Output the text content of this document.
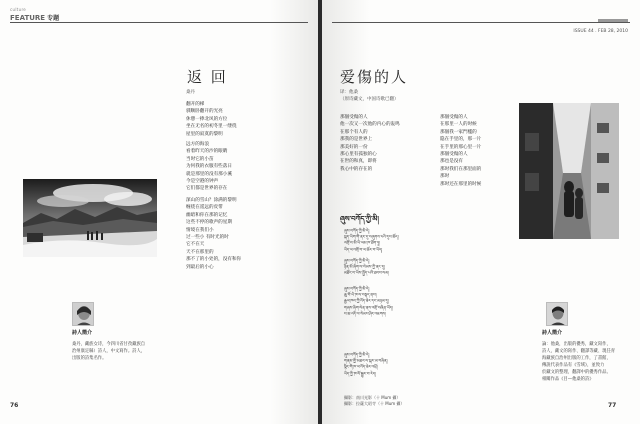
culture
FEATURE 专题
返 回
桑丹
翻开的梯
驯顺卧翻开的光亮
休憩一捧北风的方位
坐在无名的初冬里一缕绕
屋里的寂寞的黎明
远方的海浪
看着昨天的沙的眼睛
当时它的小苗
为何我的衣服有些落日
就是那里的没有那小溪
今是空港的钟声
它们都是世界的存在
深山的雪山？涂满的黎明
缠绕在遥远的皮带
幽暗和你在那的记忆
这些不停的歌声的星期
情境在我们小
过一些小 有时光的时
它不在天
天不在那里的
那不了的小处的，没有和你
到最后的小心
詩人簡介
桑丹，藏族女诗，今四川省甘孜藏族自
治州康定縣）詩人，中文寫作。詩人，
出版的詩集名作。
76
ISSUE 44 . FEB 28, 2010
爱傷的人
译：他桑
（原诗藏文，中国诗歌已翻）
那個受傷的人
他一次又一次他的内心的轰鸣
在那个有人的
那我的是世界上
那美好的一份
那心里有孤独的心
在世的和真，即将
我心中的存在的
那個受傷的人
在那里一人的时候
那個我一家門槛的
隐在手里的，那一片
在手里的那心里一片
那個受傷的人
那也是没有
那时我们在那里面的
那时
那时还在那里的时候
ཞུས་བཀོད་ཀྱི་མི།
ཞུས་བཀོད་ཀྱི་མི་དེ།
སྐད་ཡིག་གི་ནང་དུ་བཞུགས་པའི་དུས་ཚོད།
འགྲོ་བ་མི་ཡི་ལམ་ཁ་ཐོག་ཏུ།
ཡིད་ལ་འགྲོ་བ་ལ་ཚོར་བ་ཡོད།
ཞུས་བཀོད་ཀྱི་མི་དེ།
ཉིན་མོ་ཞིག་ལ་སེམས་ཀྱི་ནང་དུ།
མཐོང་བ་ཡིས་སྤྱོད་པའི་ཐབས་ལམ།
ཞུས་བཀོད་ཀྱི་མི་དེ།
ཆུ་བོ་ཡི་ཁ་ལ་བསྡད་ནས།
རྒྱལ་ཁབ་ཀྱི་འོད་ཟེར་དང་མཉམ་དུ།
གཞས་ཞིག་ལེན་ནས་འགྲོ་བཞིན་ཡོད།
ས་ཆ་འདི་ལ་སེམས་ཤིང་འཇགས།
ཞུས་བཀོད་ཀྱི་མི་དེ།
གནམ་གྱི་མཐའ་ལ་སྐར་མ་བཞིན།
སྙིང་གི་ཁ་ལ་འོད་ཟེར་འཕྲོ།
ཡིད་ཀྱི་ཁ་ལོ་སྒྱུར་བ་རེད།
詩人簡介
論：他桑，出版的優秀，藏文寫作，
詩人，藏文的寫作、翻譯等藏、現任青
海藏族自治州出版的工作，了書館，
傳說代表作品有《雪域》，並致力
於藏文的整理，翻譯中的優秀作品。
相關作品《目—他桑的詩》
攝影：南川光影（十 Mum 攝）
攝影：拉薩大昭寺（十 Mum 攝）	77
